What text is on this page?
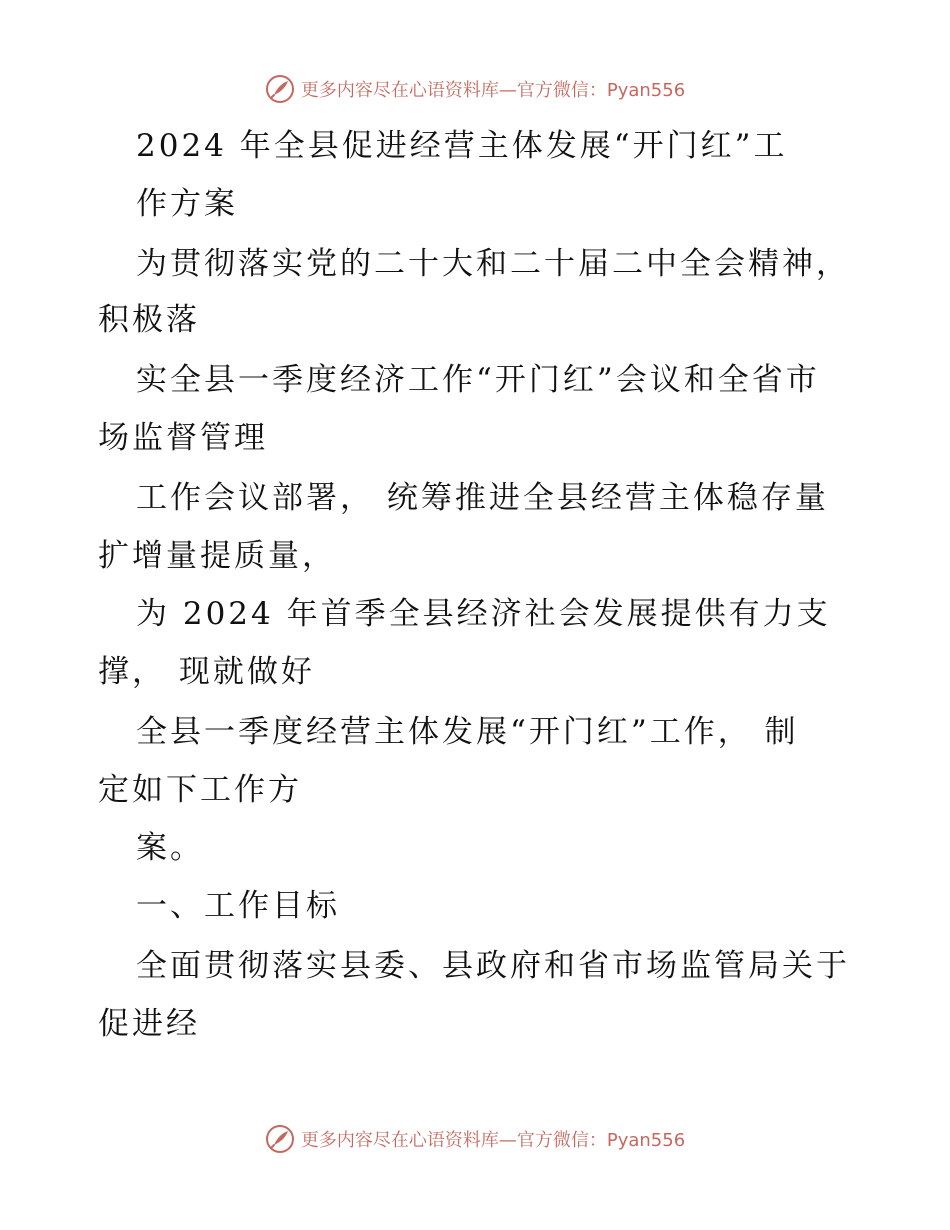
更多内容尽在心语资料库—官方微信：Pyan556
2024 年全县促进经营主体发展“开门红”工
作方案
为贯彻落实党的二十大和二十届二中全会精神，
积极落
实全县一季度经济工作“开门红”会议和全省市
场监督管理
工作会议部署， 统筹推进全县经营主体稳存量
扩增量提质量，
为 2024 年首季全县经济社会发展提供有力支
撑， 现就做好
全县一季度经营主体发展“开门红”工作， 制
定如下工作方
案。
一、工作目标
全面贯彻落实县委、县政府和省市场监管局关于
促进经
更多内容尽在心语资料库—官方微信：Pyan556
